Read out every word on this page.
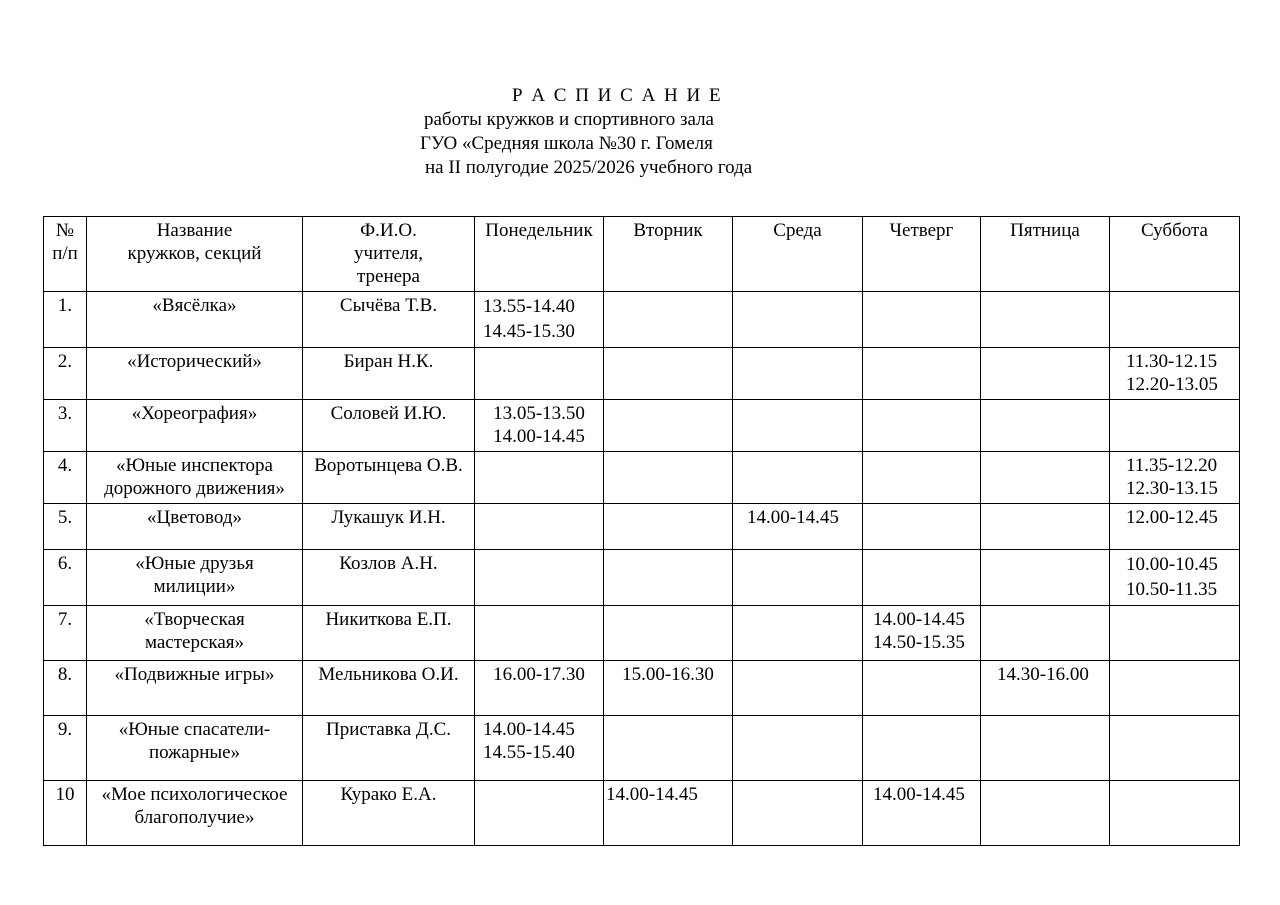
Р А С П И С А Н И Е
работы кружков и спортивного зала
ГУО «Средняя школа №30 г. Гомеля
на II полугодие 2025/2026 учебного года
№
п/п	Название
кружков, секций	Ф.И.О.
учителя,
тренера	Понедельник	Вторник	Среда	Четверг	Пятница	Суббота

1.	«Вясёлка»	Сычёва Т.В.	13.55-14.40
14.45-15.30					

2.	«Исторический»	Биран Н.К.						11.30-12.15
12.20-13.05

3.	«Хореография»	Соловей И.Ю.	13.05-13.50
14.00-14.45					

4.	«Юные инспектора
дорожного движения»	Воротынцева О.В.						11.35-12.20
12.30-13.15

5.	«Цветовод»	Лукашук И.Н.			14.00-14.45			12.00-12.45

6.	«Юные друзья
милиции»	Козлов А.Н.						10.00-10.45
10.50-11.35

7.	«Творческая
мастерская»	Никиткова Е.П.				14.00-14.45
14.50-15.35		

8.	«Подвижные игры»	Мельникова О.И.	16.00-17.30	15.00-16.30			14.30-16.00	

9.	«Юные спасатели-
пожарные»	Приставка Д.С.	14.00-14.45
14.55-15.40					

10	«Мое психологическое
благополучие»	Курако Е.А.		14.00-14.45		14.00-14.45		
